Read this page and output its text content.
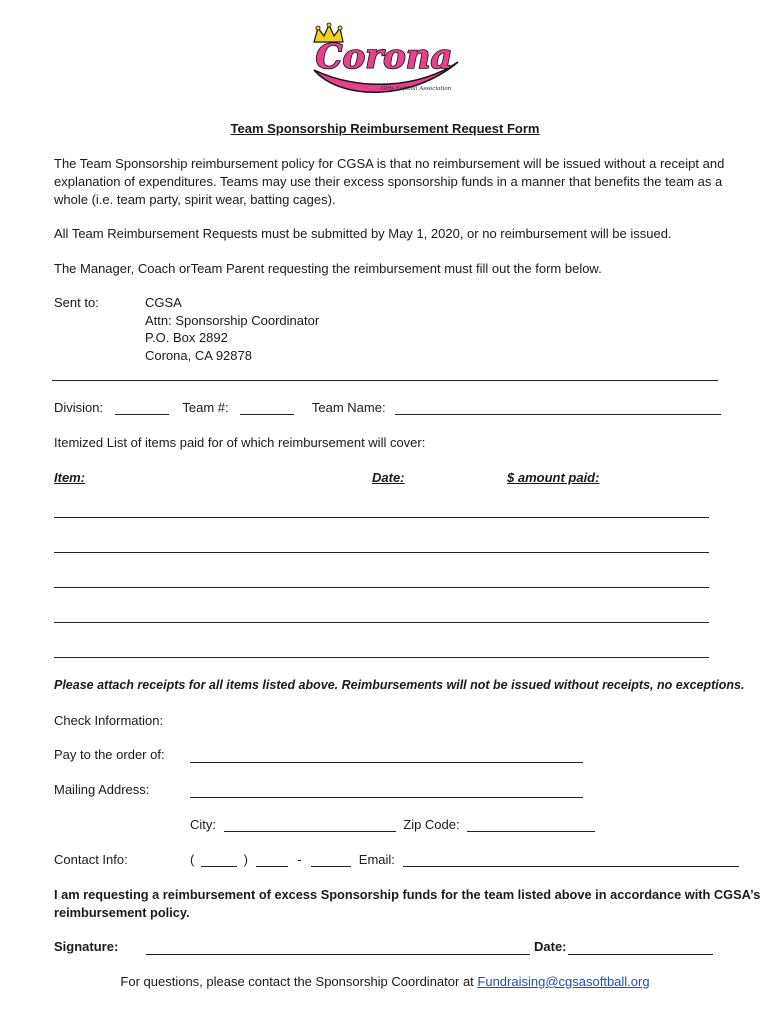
Corona
Girls Softball Association
Team Sponsorship Reimbursement Request Form
The Team Sponsorship reimbursement policy for CGSA is that no reimbursement will be issued without a receipt and
explanation of expenditures. Teams may use their excess sponsorship funds in a manner that benefits the team as a
whole (i.e. team party, spirit wear, batting cages).
All Team Reimbursement Requests must be submitted by May 1, 2020, or no reimbursement will be issued.
The Manager, Coach orTeam Parent requesting the reimbursement must fill out the form below.
Sent to:	CGSA
Attn: Sponsorship Coordinator
P.O. Box 2892
Corona, CA 92878
Division:	Team #:	Team Name:
Itemized List of items paid for of which reimbursement will cover:
Item:	Date:	$ amount paid:
Please attach receipts for all items listed above. Reimbursements will not be issued without receipts, no exceptions.
Check Information:
Pay to the order of:
Mailing Address:
City:	Zip Code:
Contact Info:	(	)	-	Email:
I am requesting a reimbursement of excess Sponsorship funds for the team listed above in accordance with CGSA’s
reimbursement policy.
Signature:	Date:
For questions, please contact the Sponsorship Coordinator at Fundraising@cgsasoftball.org
